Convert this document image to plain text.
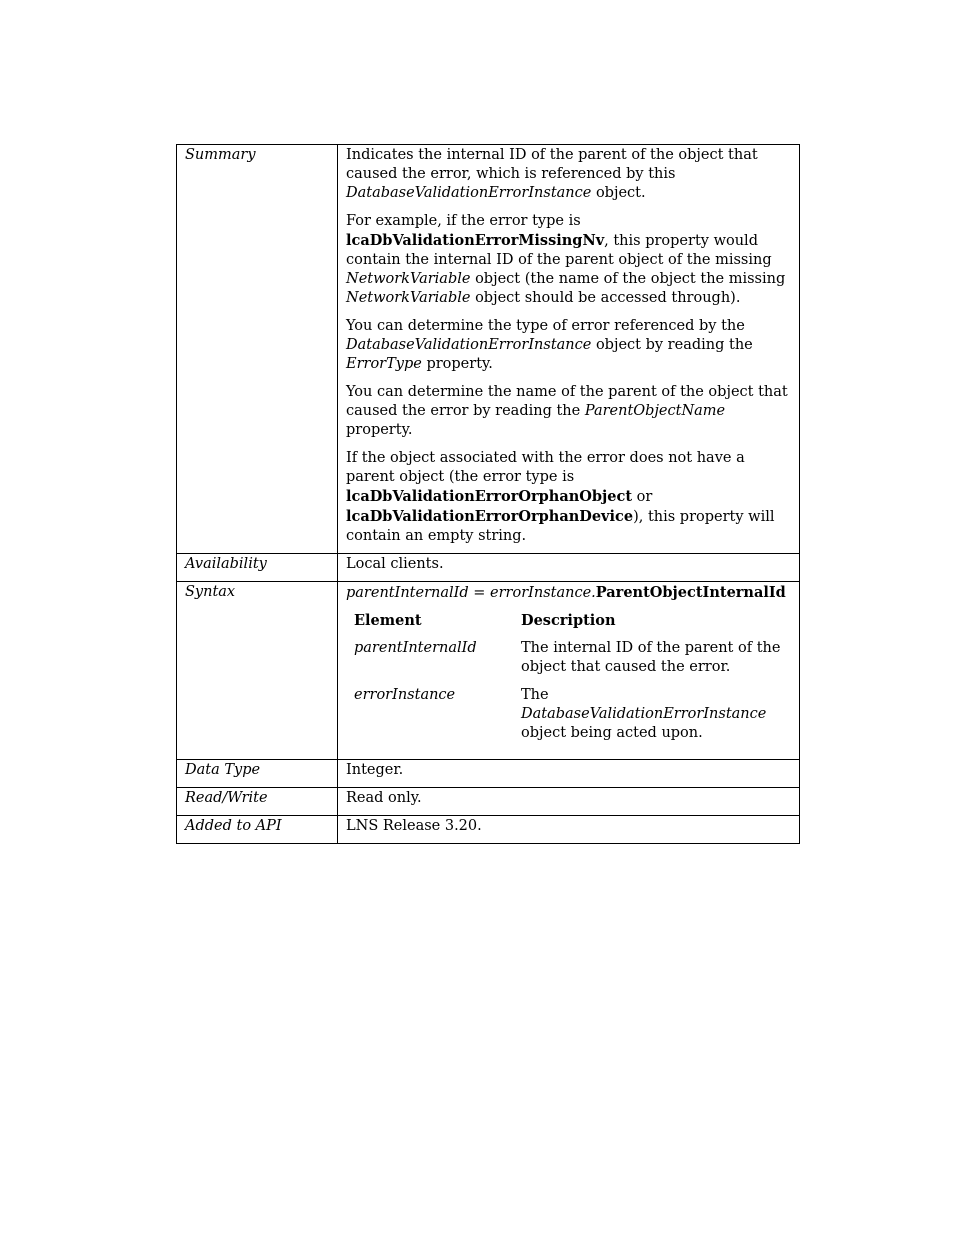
Summary	Indicates the internal ID of the parent of the object that caused the error, which is referenced by this DatabaseValidationErrorInstance object.

For example, if the error type is lcaDbValidationErrorMissingNv, this property would contain the internal ID of the parent object of the missing NetworkVariable object (the name of the object the missing NetworkVariable object should be accessed through).

You can determine the type of error referenced by the DatabaseValidationErrorInstance object by reading the ErrorType property.

You can determine the name of the parent of the object that caused the error by reading the ParentObjectName property.

If the object associated with the error does not have a parent object (the error type is lcaDbValidationErrorOrphanObject or lcaDbValidationErrorOrphanDevice), this property will contain an empty string.

Availability	Local clients.
Syntax	parentInternalId = errorInstance.ParentObjectInternalId
Element	Description
parentInternalId	The internal ID of the parent of the object that caused the error.
errorInstance	The DatabaseValidationErrorInstance object being acted upon.

Data Type	Integer.
Read/Write	Read only.
Added to API	LNS Release 3.20.
